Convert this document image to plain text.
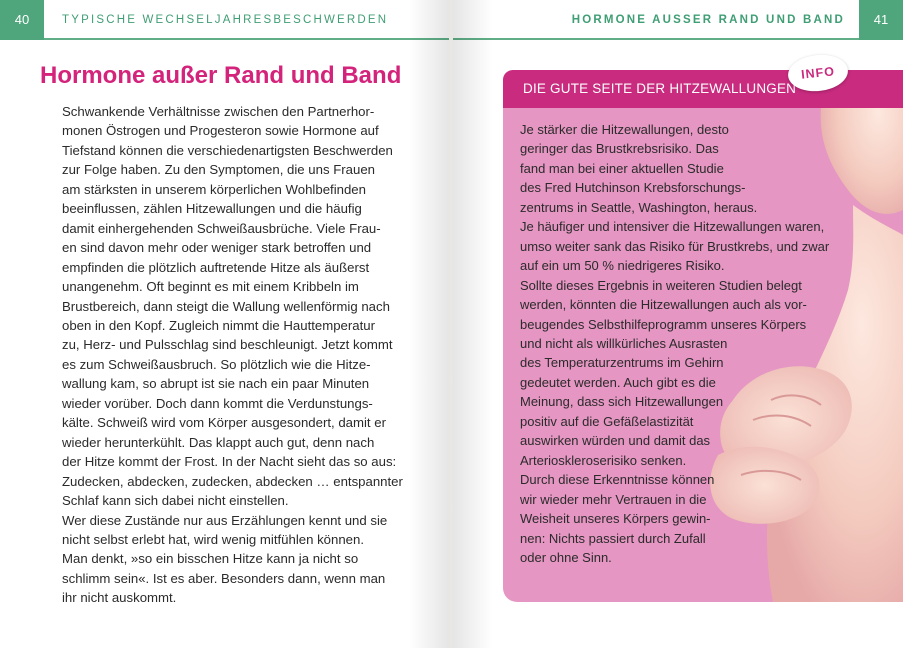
40	TYPISCHE WECHSELJAHRESBESCHWERDEN
Hormone außer Rand und Band
Schwankende Verhältnisse zwischen den Partnerhor-
monen Östrogen und Progesteron sowie Hormone auf
Tiefstand können die verschiedenartigsten Beschwerden
zur Folge haben. Zu den Symptomen, die uns Frauen
am stärksten in unserem körperlichen Wohlbefinden
beeinflussen, zählen Hitzewallungen und die häufig
damit einhergehenden Schweißausbrüche. Viele Frau-
en sind davon mehr oder weniger stark betroffen und
empfinden die plötzlich auftretende Hitze als äußerst
unangenehm. Oft beginnt es mit einem Kribbeln im
Brustbereich, dann steigt die Wallung wellenförmig nach
oben in den Kopf. Zugleich nimmt die Hauttemperatur
zu, Herz- und Pulsschlag sind beschleunigt. Jetzt kommt
es zum Schweißausbruch. So plötzlich wie die Hitze-
wallung kam, so abrupt ist sie nach ein paar Minuten
wieder vorüber. Doch dann kommt die Verdunstungs-
kälte. Schweiß wird vom Körper ausgesondert, damit er
wieder herunterkühlt. Das klappt auch gut, denn nach
der Hitze kommt der Frost. In der Nacht sieht das so aus:
Zudecken, abdecken, zudecken, abdecken … entspannter
Schlaf kann sich dabei nicht einstellen.
Wer diese Zustände nur aus Erzählungen kennt und sie
nicht selbst erlebt hat, wird wenig mitfühlen können.
Man denkt, »so ein bisschen Hitze kann ja nicht so
schlimm sein«. Ist es aber. Besonders dann, wenn man
ihr nicht auskommt.
41
HORMONE AUSSER RAND UND BAND
DIE GUTE SEITE DER HITZEWALLUNGEN
INFO
Je stärker die Hitzewallungen, desto
geringer das Brustkrebsrisiko. Das
fand man bei einer aktuellen Studie
des Fred Hutchinson Krebsforschungs-
zentrums in Seattle, Washington, heraus.
Je häufiger und intensiver die Hitzewallungen waren,
umso weiter sank das Risiko für Brustkrebs, und zwar
auf ein um 50 % niedrigeres Risiko.
Sollte dieses Ergebnis in weiteren Studien belegt
werden, könnten die Hitzewallungen auch als vor-
beugendes Selbsthilfeprogramm unseres Körpers
und nicht als willkürliches Ausrasten
des Temperaturzentrums im Gehirn
gedeutet werden. Auch gibt es die
Meinung, dass sich Hitzewallungen
positiv auf die Gefäßelastizität
auswirken würden und damit das
Arterioskleroserisiko senken.
Durch diese Erkenntnisse können
wir wieder mehr Vertrauen in die
Weisheit unseres Körpers gewin-
nen: Nichts passiert durch Zufall
oder ohne Sinn.
